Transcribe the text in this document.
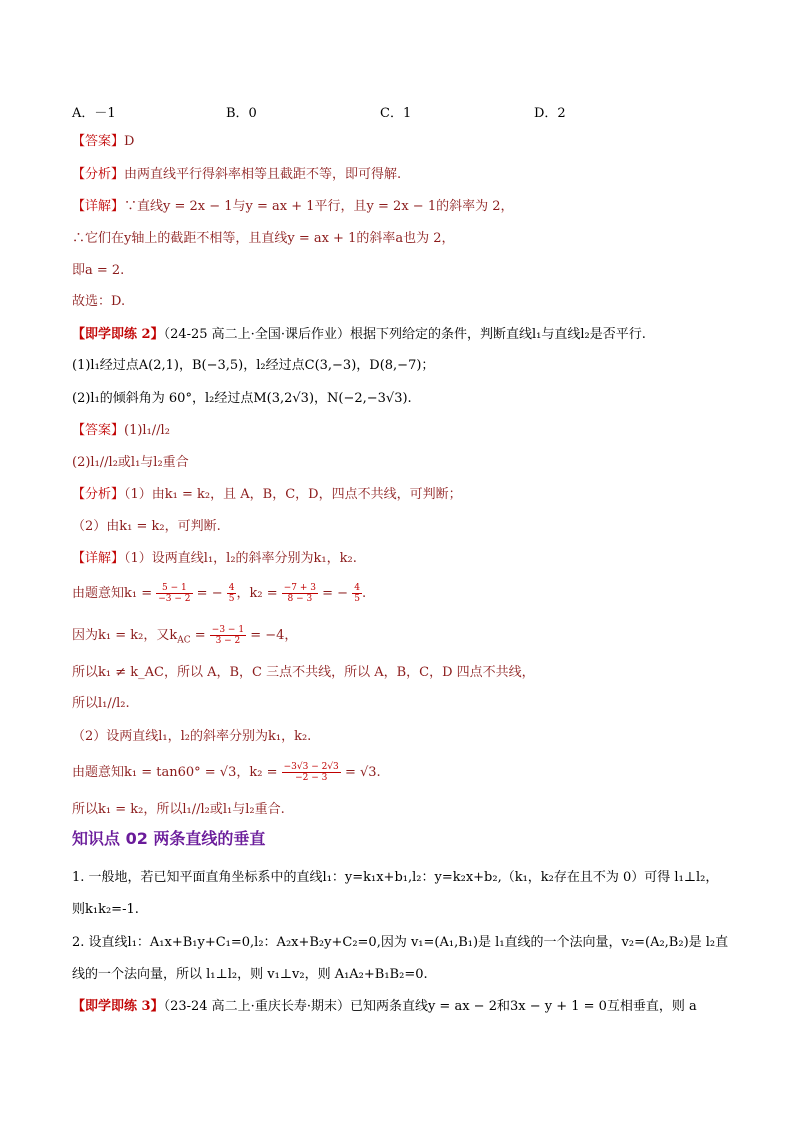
A．－1	B．0	C．1	D．2
【答案】D
【分析】由两直线平行得斜率相等且截距不等，即可得解.
【详解】∵直线y = 2x − 1与y = ax + 1平行，且y = 2x − 1的斜率为 2，
∴它们在y轴上的截距不相等，且直线y = ax + 1的斜率a也为 2，
即a = 2.
故选：D.
【即学即练 2】（24-25 高二上·全国·课后作业）根据下列给定的条件，判断直线l₁与直线l₂是否平行.
(1)l₁经过点A(2,1)，B(−3,5)，l₂经过点C(3,−3)，D(8,−7)；
(2)l₁的倾斜角为 60°，l₂经过点M(3,2√3)，N(−2,−3√3).
【答案】(1)l₁//l₂
(2)l₁//l₂或l₁与l₂重合
【分析】（1）由k₁ = k₂，且 A，B，C，D，四点不共线，可判断；
（2）由k₁ = k₂，可判断.
【详解】（1）设两直线l₁，l₂的斜率分别为k₁，k₂.
由题意知$k_1 = \frac{5 - 1}{-3 - 2}$ = − $\frac{4}{5}$ ，$k_2 = \frac{-7 + 3}{8 - 3}$ = − $\frac{4}{5}$ .
因为k₁ = k₂，又$k_{AC} = \frac{-3 - 1}{3 - 2} = -4$，
所以k₁ ≠ k_AC，所以 A，B，C 三点不共线，所以 A，B，C，D 四点不共线，
所以l₁//l₂.
（2）设两直线l₁，l₂的斜率分别为k₁，k₂.
由题意知k₁ = tan60° = √3，$k_2 = \frac{-3√3 - 2√3}{-2 - 3} = √3$.
所以k₁ = k₂，所以l₁//l₂或l₁与l₂重合.
知识点 02 两条直线的垂直
1. 一般地，若已知平面直角坐标系中的直线l₁：y=k₁x+b₁,l₂：y=k₂x+b₂,（k₁，k₂存在且不为 0）可得 l₁⊥l₂，
则k₁k₂=-1.
2. 设直线l₁：A₁x+B₁y+C₁=0,l₂：A₂x+B₂y+C₂=0,因为 v₁=(A₁,B₁)是 l₁直线的一个法向量，v₂=(A₂,B₂)是 l₂直
线的一个法向量，所以 l₁⊥l₂，则 v₁⊥v₂，则 A₁A₂+B₁B₂=0.
【即学即练 3】（23-24 高二上·重庆长寿·期末）已知两条直线y = ax − 2和3x − y + 1 = 0互相垂直，则 a
